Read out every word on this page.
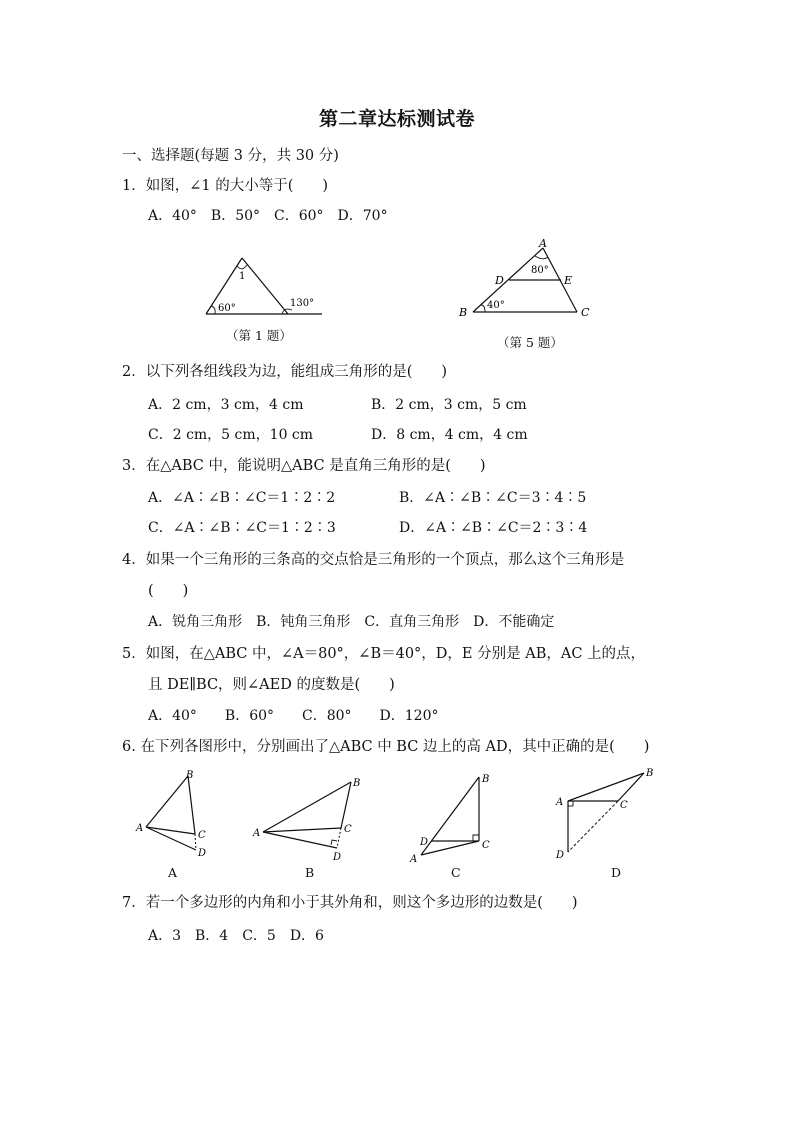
第二章达标测试卷
一、选择题(每题 3 分，共 30 分)
1．如图，∠1 的大小等于(　　)
A．40°　B．50°　C．60°　D．70°
1
60°	130°
（第 1 题）
A
B	C
D	E
80°
40°
（第 5 题）
2．以下列各组线段为边，能组成三角形的是(　　)
A．2 cm，3 cm，4 cm	B．2 cm，3 cm，5 cm
C．2 cm，5 cm，10 cm	D．8 cm，4 cm，4 cm
3．在△ABC 中，能说明△ABC 是直角三角形的是(　　)
A．∠A∶∠B∶∠C＝1∶2∶2	B．∠A∶∠B∶∠C＝3∶4∶5
C．∠A∶∠B∶∠C＝1∶2∶3	D．∠A∶∠B∶∠C＝2∶3∶4
4．如果一个三角形的三条高的交点恰是三角形的一个顶点，那么这个三角形是
(　　)
A．锐角三角形　B．钝角三角形　C．直角三角形　D．不能确定
5．如图，在△ABC 中，∠A＝80°，∠B＝40°，D，E 分别是 AB，AC 上的点，
且 DE∥BC，则∠AED 的度数是(　　)
A．40°　　B．60°　　C．80°　　D．120°
6. 在下列各图形中，分别画出了△ABC 中 BC 边上的高 AD，其中正确的是(　　)
B
A
C
D
A
B
A	C
D
B
B
D	C
A
C
B
A	C
D
D
7．若一个多边形的内角和小于其外角和，则这个多边形的边数是(　　)
A．3　B．4　C．5　D．6
